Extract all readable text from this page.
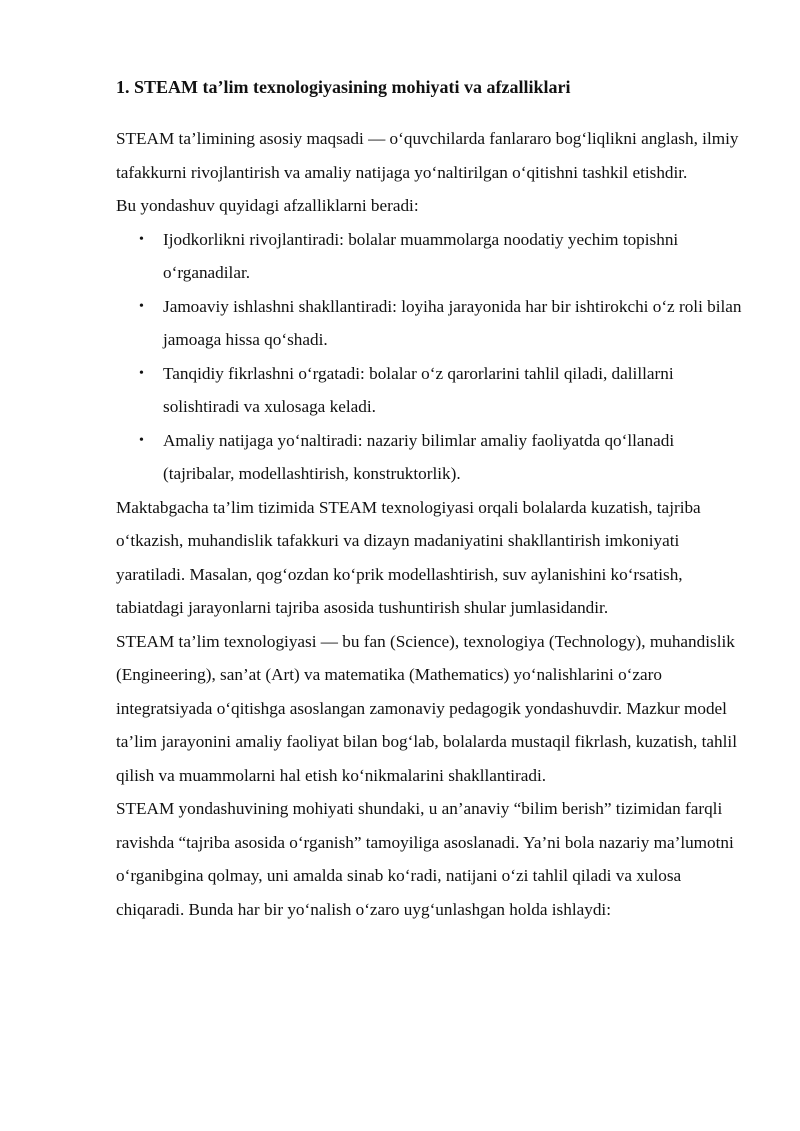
1. STEAM ta’lim texnologiyasining mohiyati va afzalliklari

STEAM ta’limining asosiy maqsadi — o‘quvchilarda fanlararo bog‘liqlikni anglash, ilmiy tafakkurni rivojlantirish va amaliy natijaga yo‘naltirilgan o‘qitishni tashkil etishdir.

Bu yondashuv quyidagi afzalliklarni beradi:

• Ijodkorlikni rivojlantiradi: bolalar muammolarga noodatiy yechim topishni o‘rganadilar.
• Jamoaviy ishlashni shakllantiradi: loyiha jarayonida har bir ishtirokchi o‘z roli bilan jamoaga hissa qo‘shadi.
• Tanqidiy fikrlashni o‘rgatadi: bolalar o‘z qarorlarini tahlil qiladi, dalillarni solishtiradi va xulosaga keladi.
• Amaliy natijaga yo‘naltiradi: nazariy bilimlar amaliy faoliyatda qo‘llanadi (tajribalar, modellashtirish, konstruktorlik).

Maktabgacha ta’lim tizimida STEAM texnologiyasi orqali bolalarda kuzatish, tajriba o‘tkazish, muhandislik tafakkuri va dizayn madaniyatini shakllantirish imkoniyati yaratiladi. Masalan, qog‘ozdan ko‘prik modellashtirish, suv aylanishini ko‘rsatish, tabiatdagi jarayonlarni tajriba asosida tushuntirish shular jumlasidandir.

STEAM ta’lim texnologiyasi — bu fan (Science), texnologiya (Technology), muhandislik (Engineering), san’at (Art) va matematika (Mathematics) yo‘nalishlarini o‘zaro integratsiyada o‘qitishga asoslangan zamonaviy pedagogik yondashuvdir. Mazkur model ta’lim jarayonini amaliy faoliyat bilan bog‘lab, bolalarda mustaqil fikrlash, kuzatish, tahlil qilish va muammolarni hal etish ko‘nikmalarini shakllantiradi.

STEAM yondashuvining mohiyati shundaki, u an’anaviy “bilim berish” tizimidan farqli ravishda “tajriba asosida o‘rganish” tamoyiliga asoslanadi. Ya’ni bola nazariy ma’lumotni o‘rganibgina qolmay, uni amalda sinab ko‘radi, natijani o‘zi tahlil qiladi va xulosa chiqaradi. Bunda har bir yo‘nalish o‘zaro uyg‘unlashgan holda ishlaydi:
